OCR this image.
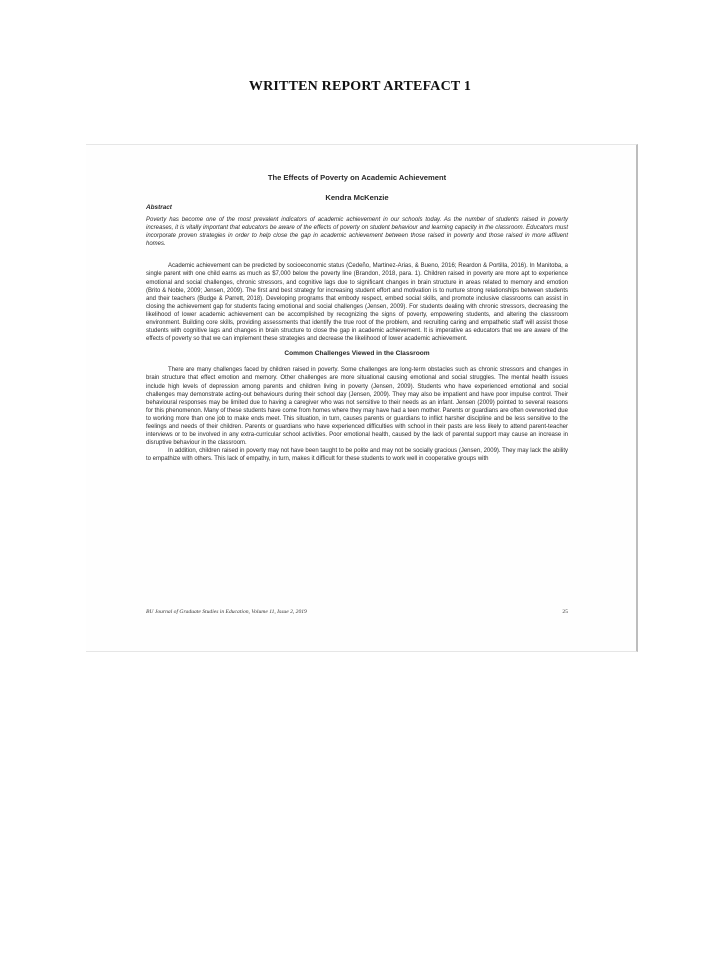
WRITTEN REPORT ARTEFACT 1
The Effects of Poverty on Academic Achievement
Kendra McKenzie
Abstract

Poverty has become one of the most prevalent indicators of academic achievement in our schools today. As the number of students raised in poverty increases, it is vitally important that educators be aware of the effects of poverty on student behaviour and learning capacity in the classroom. Educators must incorporate proven strategies in order to help close the gap in academic achievement between those raised in poverty and those raised in more affluent homes.

Academic achievement can be predicted by socioeconomic status (Cedeño, Martinez-Arias, & Bueno, 2016; Reardon & Portilla, 2016). In Manitoba, a single parent with one child earns as much as $7,000 below the poverty line (Brandon, 2018, para. 1). Children raised in poverty are more apt to experience emotional and social challenges, chronic stressors, and cognitive lags due to significant changes in brain structure in areas related to memory and emotion (Brito & Noble, 2009; Jensen, 2009). The first and best strategy for increasing student effort and motivation is to nurture strong relationships between students and their teachers (Budge & Parrett, 2018). Developing programs that embody respect, embed social skills, and promote inclusive classrooms can assist in closing the achievement gap for students facing emotional and social challenges (Jensen, 2009). For students dealing with chronic stressors, decreasing the likelihood of lower academic achievement can be accomplished by recognizing the signs of poverty, empowering students, and altering the classroom environment. Building core skills, providing assessments that identify the true root of the problem, and recruiting caring and empathetic staff will assist those students with cognitive lags and changes in brain structure to close the gap in academic achievement. It is imperative as educators that we are aware of the effects of poverty so that we can implement these strategies and decrease the likelihood of lower academic achievement.

Common Challenges Viewed in the Classroom

There are many challenges faced by children raised in poverty. Some challenges are long-term obstacles such as chronic stressors and changes in brain structure that effect emotion and memory. Other challenges are more situational causing emotional and social struggles. The mental health issues include high levels of depression among parents and children living in poverty (Jensen, 2009). Students who have experienced emotional and social challenges may demonstrate acting-out behaviours during their school day (Jensen, 2009). They may also be impatient and have poor impulse control. Their behavioural responses may be limited due to having a caregiver who was not sensitive to their needs as an infant. Jensen (2009) pointed to several reasons for this phenomenon. Many of these students have come from homes where they may have had a teen mother. Parents or guardians are often overworked due to working more than one job to make ends meet. This situation, in turn, causes parents or guardians to inflict harsher discipline and be less sensitive to the feelings and needs of their children. Parents or guardians who have experienced difficulties with school in their pasts are less likely to attend parent-teacher interviews or to be involved in any extra-curricular school activities. Poor emotional health, caused by the lack of parental support may cause an increase in disruptive behaviour in the classroom.

In addition, children raised in poverty may not have been taught to be polite and may not be socially gracious (Jensen, 2009). They may lack the ability to empathize with others. This lack of empathy, in turn, makes it difficult for these students to work well in cooperative groups with

BU Journal of Graduate Studies in Education, Volume 11, Issue 2, 2019	25
